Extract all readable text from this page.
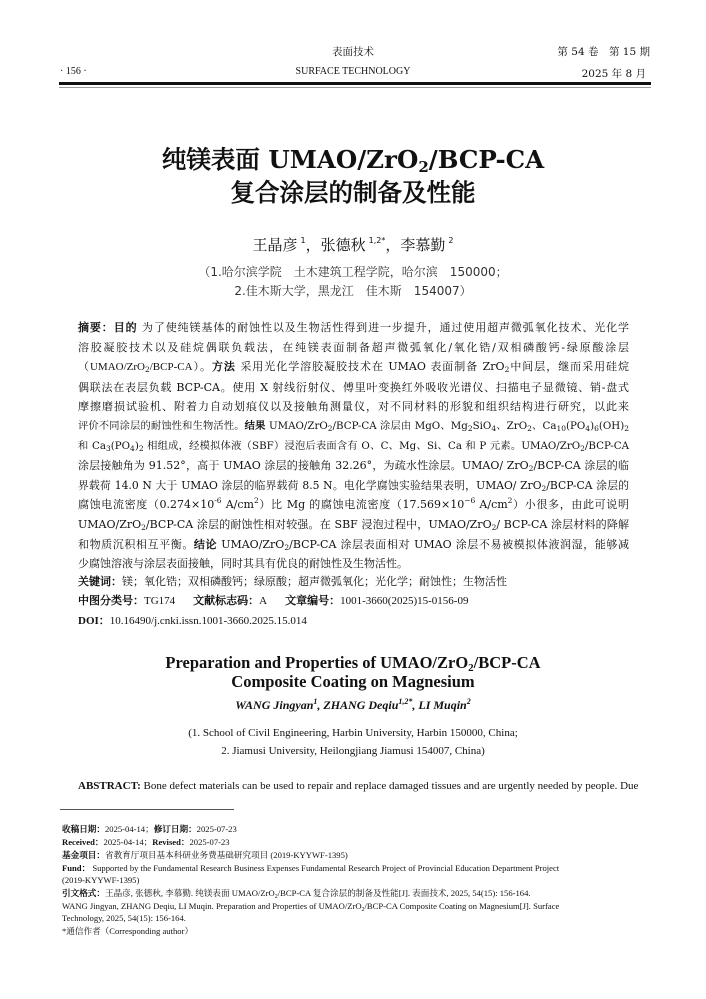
表面技术
SURFACE TECHNOLOGY
· 156 ·
第 54 卷　第 15 期
2025 年 8 月
纯镁表面 UMAO/ZrO$_2$/BCP-CA
复合涂层的制备及性能
王晶彦 $^1$，张德秋 $^{1,2*}$，李慕勤 $^2$
（1.哈尔滨学院　土木建筑工程学院，哈尔滨　150000；
2.佳木斯大学，黑龙江　佳木斯　154007）
摘要：目的 为了使纯镁基体的耐蚀性以及生物活性得到进一步提升，通过使用超声微弧氧化技术、光化学
溶胶凝胶技术以及硅烷偶联负载法，在纯镁表面制备超声微弧氧化/氧化锆/双相磷酸钙-绿原酸涂层
（UMAO/ZrO$_2$/BCP-CA）。方法 采用光化学溶胶凝胶技术在 UMAO 表面制备 ZrO$_2$中间层，继而采用硅烷
偶联法在表层负载 BCP-CA。使用 X 射线衍射仪、傅里叶变换红外吸收光谱仪、扫描电子显微镜、销-盘式
摩擦磨损试验机、附着力自动划痕仪以及接触角测量仪，对不同材料的形貌和组织结构进行研究，以此来
评价不同涂层的耐蚀性和生物活性。结果 UMAO/ZrO$_2$/BCP-CA 涂层由 MgO、$Mg_2SiO_4$、ZrO$_2$、$Ca_{10}(PO_4)_6(OH)_2$
和 $Ca_3(PO_4)_2$ 相组成，经模拟体液（SBF）浸泡后表面含有 O、C、Mg、Si、Ca 和 P 元素。UMAO/ZrO$_2$/BCP-CA
涂层接触角为 91.52°，高于 UMAO 涂层的接触角 32.26°，为疏水性涂层。UMAO/ ZrO$_2$/BCP-CA 涂层的临
界载荷 14.0 N 大于 UMAO 涂层的临界载荷 8.5 N。电化学腐蚀实验结果表明，UMAO/ ZrO$_2$/BCP-CA 涂层的
腐蚀电流密度（$0.274\times 10^{-6}$ $A/cm^2$）比 Mg 的腐蚀电流密度（$17.569\times 10^{-6}$ $A/cm^2$）小很多，由此可说明
UMAO/ZrO$_2$/BCP-CA 涂层的耐蚀性相对较强。在 SBF 浸泡过程中，UMAO/ZrO$_2$/ BCP-CA 涂层材料的降解
和物质沉积相互平衡。结论 UMAO/ZrO$_2$/BCP-CA 涂层表面相对 UMAO 涂层不易被模拟体液润湿，能够减
少腐蚀溶液与涂层表面接触，同时其具有优良的耐蚀性及生物活性。
关键词：镁；氧化锆；双相磷酸钙；绿原酸；超声微弧氧化；光化学；耐蚀性；生物活性
中图分类号：TG174 文献标志码：A 文章编号：1001-3660(2025)15-0156-09
DOI：10.16490/j.cnki.issn.1001-3660.2025.15.014
Preparation and Properties of UMAO/ZrO$_2$/BCP-CA
Composite Coating on Magnesium
WANG Jingyan$^1$, ZHANG Deqiu$^{1,2*}$, LI Muqin$^2$
(1. School of Civil Engineering, Harbin University, Harbin 150000, China;
2. Jiamusi University, Heilongjiang Jiamusi 154007, China)
ABSTRACT: Bone defect materials can be used to repair and replace damaged tissues and are urgently needed by people. Due
收稿日期：2025-04-14；修订日期：2025-07-23
Received：2025-04-14；Revised：2025-07-23
基金项目：省教育厅项目基本科研业务费基础研究项目 (2019-KYYWF-1395)
Fund： Supported by the Fundamental Research Business Expenses Fundamental Research Project of Provincial Education Department Project
(2019-KYYWF-1395)
引文格式：王晶彦, 张德秋, 李慕勤. 纯镁表面 UMAO/ZrO$_2$/BCP-CA 复合涂层的制备及性能[J]. 表面技术, 2025, 54(15): 156-164.
WANG Jingyan, ZHANG Deqiu, LI Muqin. Preparation and Properties of UMAO/ZrO$_2$/BCP-CA Composite Coating on Magnesium[J]. Surface
Technology, 2025, 54(15): 156-164.
*通信作者（Corresponding author）
